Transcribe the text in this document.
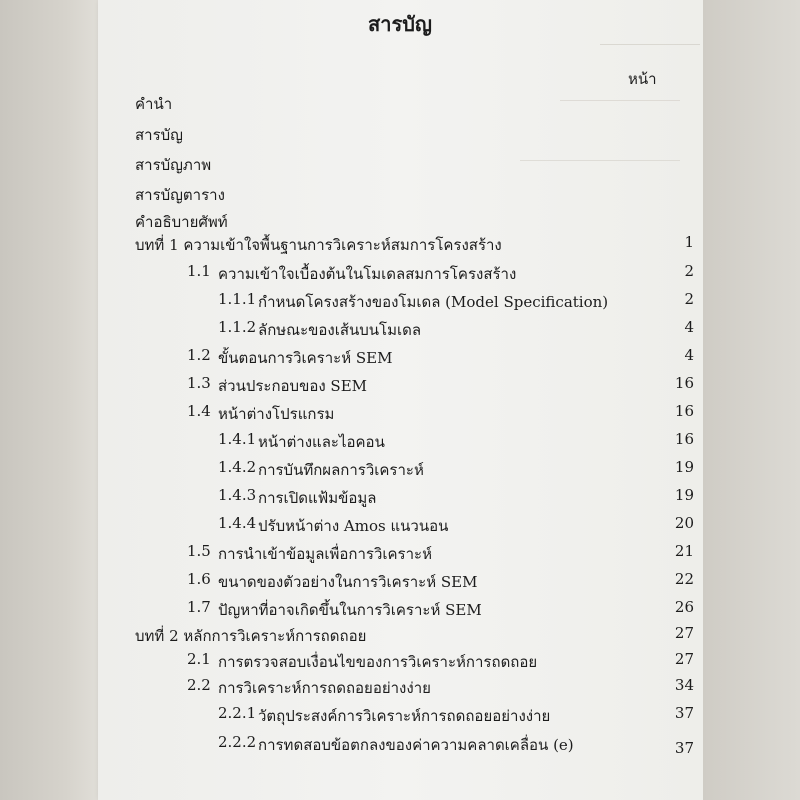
สารบัญ
หน้า
คำนำ
สารบัญ
สารบัญภาพ
สารบัญตาราง
คำอธิบายศัพท์
บทที่ 1 ความเข้าใจพื้นฐานการวิเคราะห์สมการโครงสร้าง	1
1.1 ความเข้าใจเบื้องต้นในโมเดลสมการโครงสร้าง	2
1.1.1 กำหนดโครงสร้างของโมเดล (Model Specification)	2
1.1.2 ลักษณะของเส้นบนโมเดล	4
1.2 ขั้นตอนการวิเคราะห์ SEM	4
1.3 ส่วนประกอบของ SEM	16
1.4 หน้าต่างโปรแกรม	16
1.4.1 หน้าต่างและไอคอน	16
1.4.2 การบันทึกผลการวิเคราะห์	19
1.4.3 การเปิดแฟ้มข้อมูล	19
1.4.4 ปรับหน้าต่าง Amos แนวนอน	20
1.5 การนำเข้าข้อมูลเพื่อการวิเคราะห์	21
1.6 ขนาดของตัวอย่างในการวิเคราะห์ SEM	22
1.7 ปัญหาที่อาจเกิดขึ้นในการวิเคราะห์ SEM	26
บทที่ 2 หลักการวิเคราะห์การถดถอย	27
2.1 การตรวจสอบเงื่อนไขของการวิเคราะห์การถดถอย	27
2.2 การวิเคราะห์การถดถอยอย่างง่าย	34
2.2.1 วัตถุประสงค์การวิเคราะห์การถดถอยอย่างง่าย	37
2.2.2 การทดสอบข้อตกลงของค่าความคลาดเคลื่อน (e)	37
